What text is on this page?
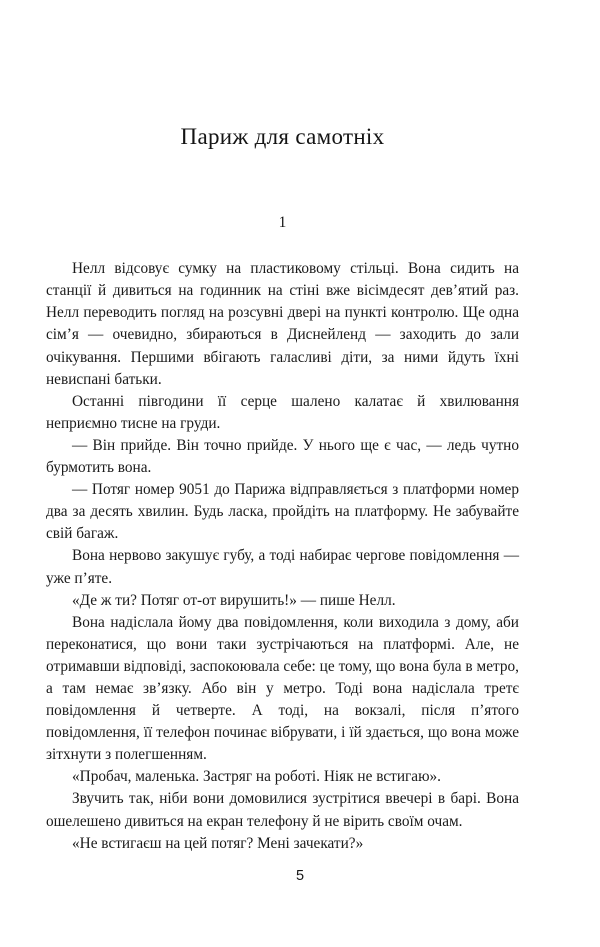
Париж для самотніх
1

Нелл відсовує сумку на пластиковому стільці. Вона сидить на станції й дивиться на годинник на стіні вже вісімдесят дев’ятий раз. Нелл переводить погляд на розсувні двері на пункті контролю. Ще одна сім’я — очевидно, збираються в Диснейленд — заходить до зали очікування. Першими вбігають галасливі діти, за ними йдуть їхні невиспані батьки.

Останні півгодини її серце шалено калатає й хвилювання неприємно тисне на груди.

— Він прийде. Він точно прийде. У нього ще є час, — ледь чутно бурмотить вона.

— Потяг номер 9051 до Парижа відправляється з платформи номер два за десять хвилин. Будь ласка, пройдіть на платформу. Не забувайте свій багаж.

Вона нервово закушує губу, а тоді набирає чергове повідомлення — уже п’яте.

«Де ж ти? Потяг от-от вирушить!» — пише Нелл.

Вона надіслала йому два повідомлення, коли виходила з дому, аби переконатися, що вони таки зустрічаються на платформі. Але, не отримавши відповіді, заспокоювала себе: це тому, що вона була в метро, а там немає зв’язку. Або він у метро. Тоді вона надіслала третє повідомлення й четверте. А тоді, на вокзалі, після п’ятого повідомлення, її телефон починає вібрувати, і їй здається, що вона може зітхнути з полегшенням.

«Пробач, маленька. Застряг на роботі. Ніяк не встигаю».

Звучить так, ніби вони домовилися зустрітися ввечері в барі. Вона ошелешено дивиться на екран телефону й не вірить своїм очам.

«Не встигаєш на цей потяг? Мені зачекати?»

5
